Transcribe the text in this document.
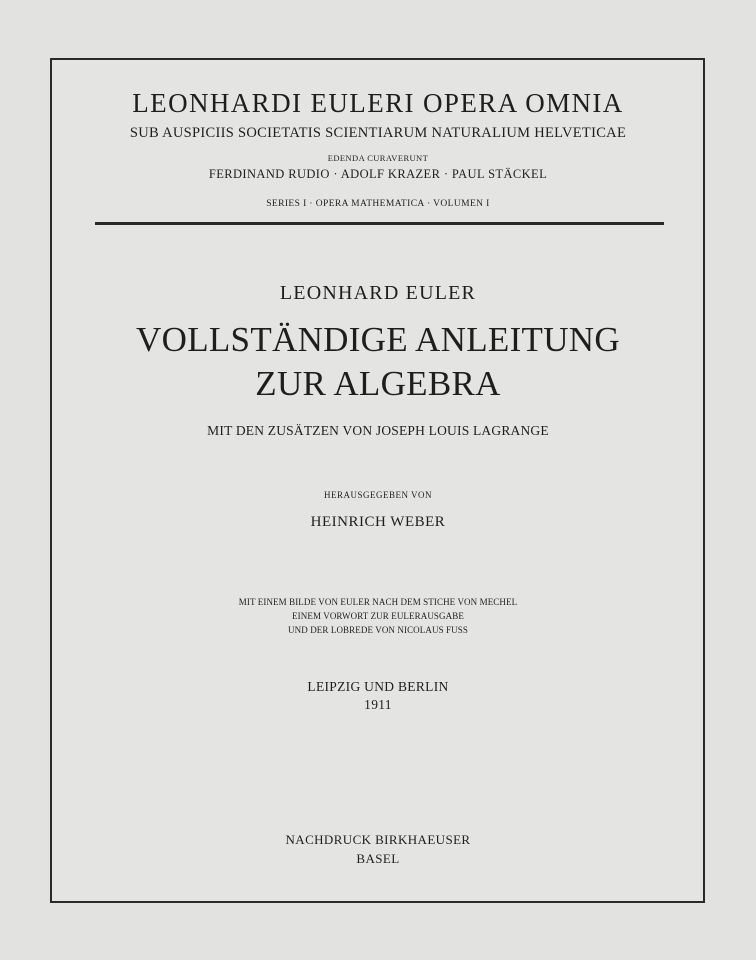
LEONHARDI EULERI OPERA OMNIA

SUB AUSPICIIS SOCIETATIS SCIENTIARUM NATURALIUM HELVETICAE

EDENDA CURAVERUNT

FERDINAND RUDIO · ADOLF KRAZER · PAUL STÄCKEL

SERIES I · OPERA MATHEMATICA · VOLUMEN I

LEONHARD EULER

VOLLSTÄNDIGE ANLEITUNG

ZUR ALGEBRA

MIT DEN ZUSÄTZEN VON JOSEPH LOUIS LAGRANGE

HERAUSGEGEBEN VON

HEINRICH WEBER

MIT EINEM BILDE VON EULER NACH DEM STICHE VON MECHEL

EINEM VORWORT ZUR EULERAUSGABE

UND DER LOBREDE VON NICOLAUS FUSS

LEIPZIG UND BERLIN

1911

NACHDRUCK BIRKHAEUSER

BASEL
